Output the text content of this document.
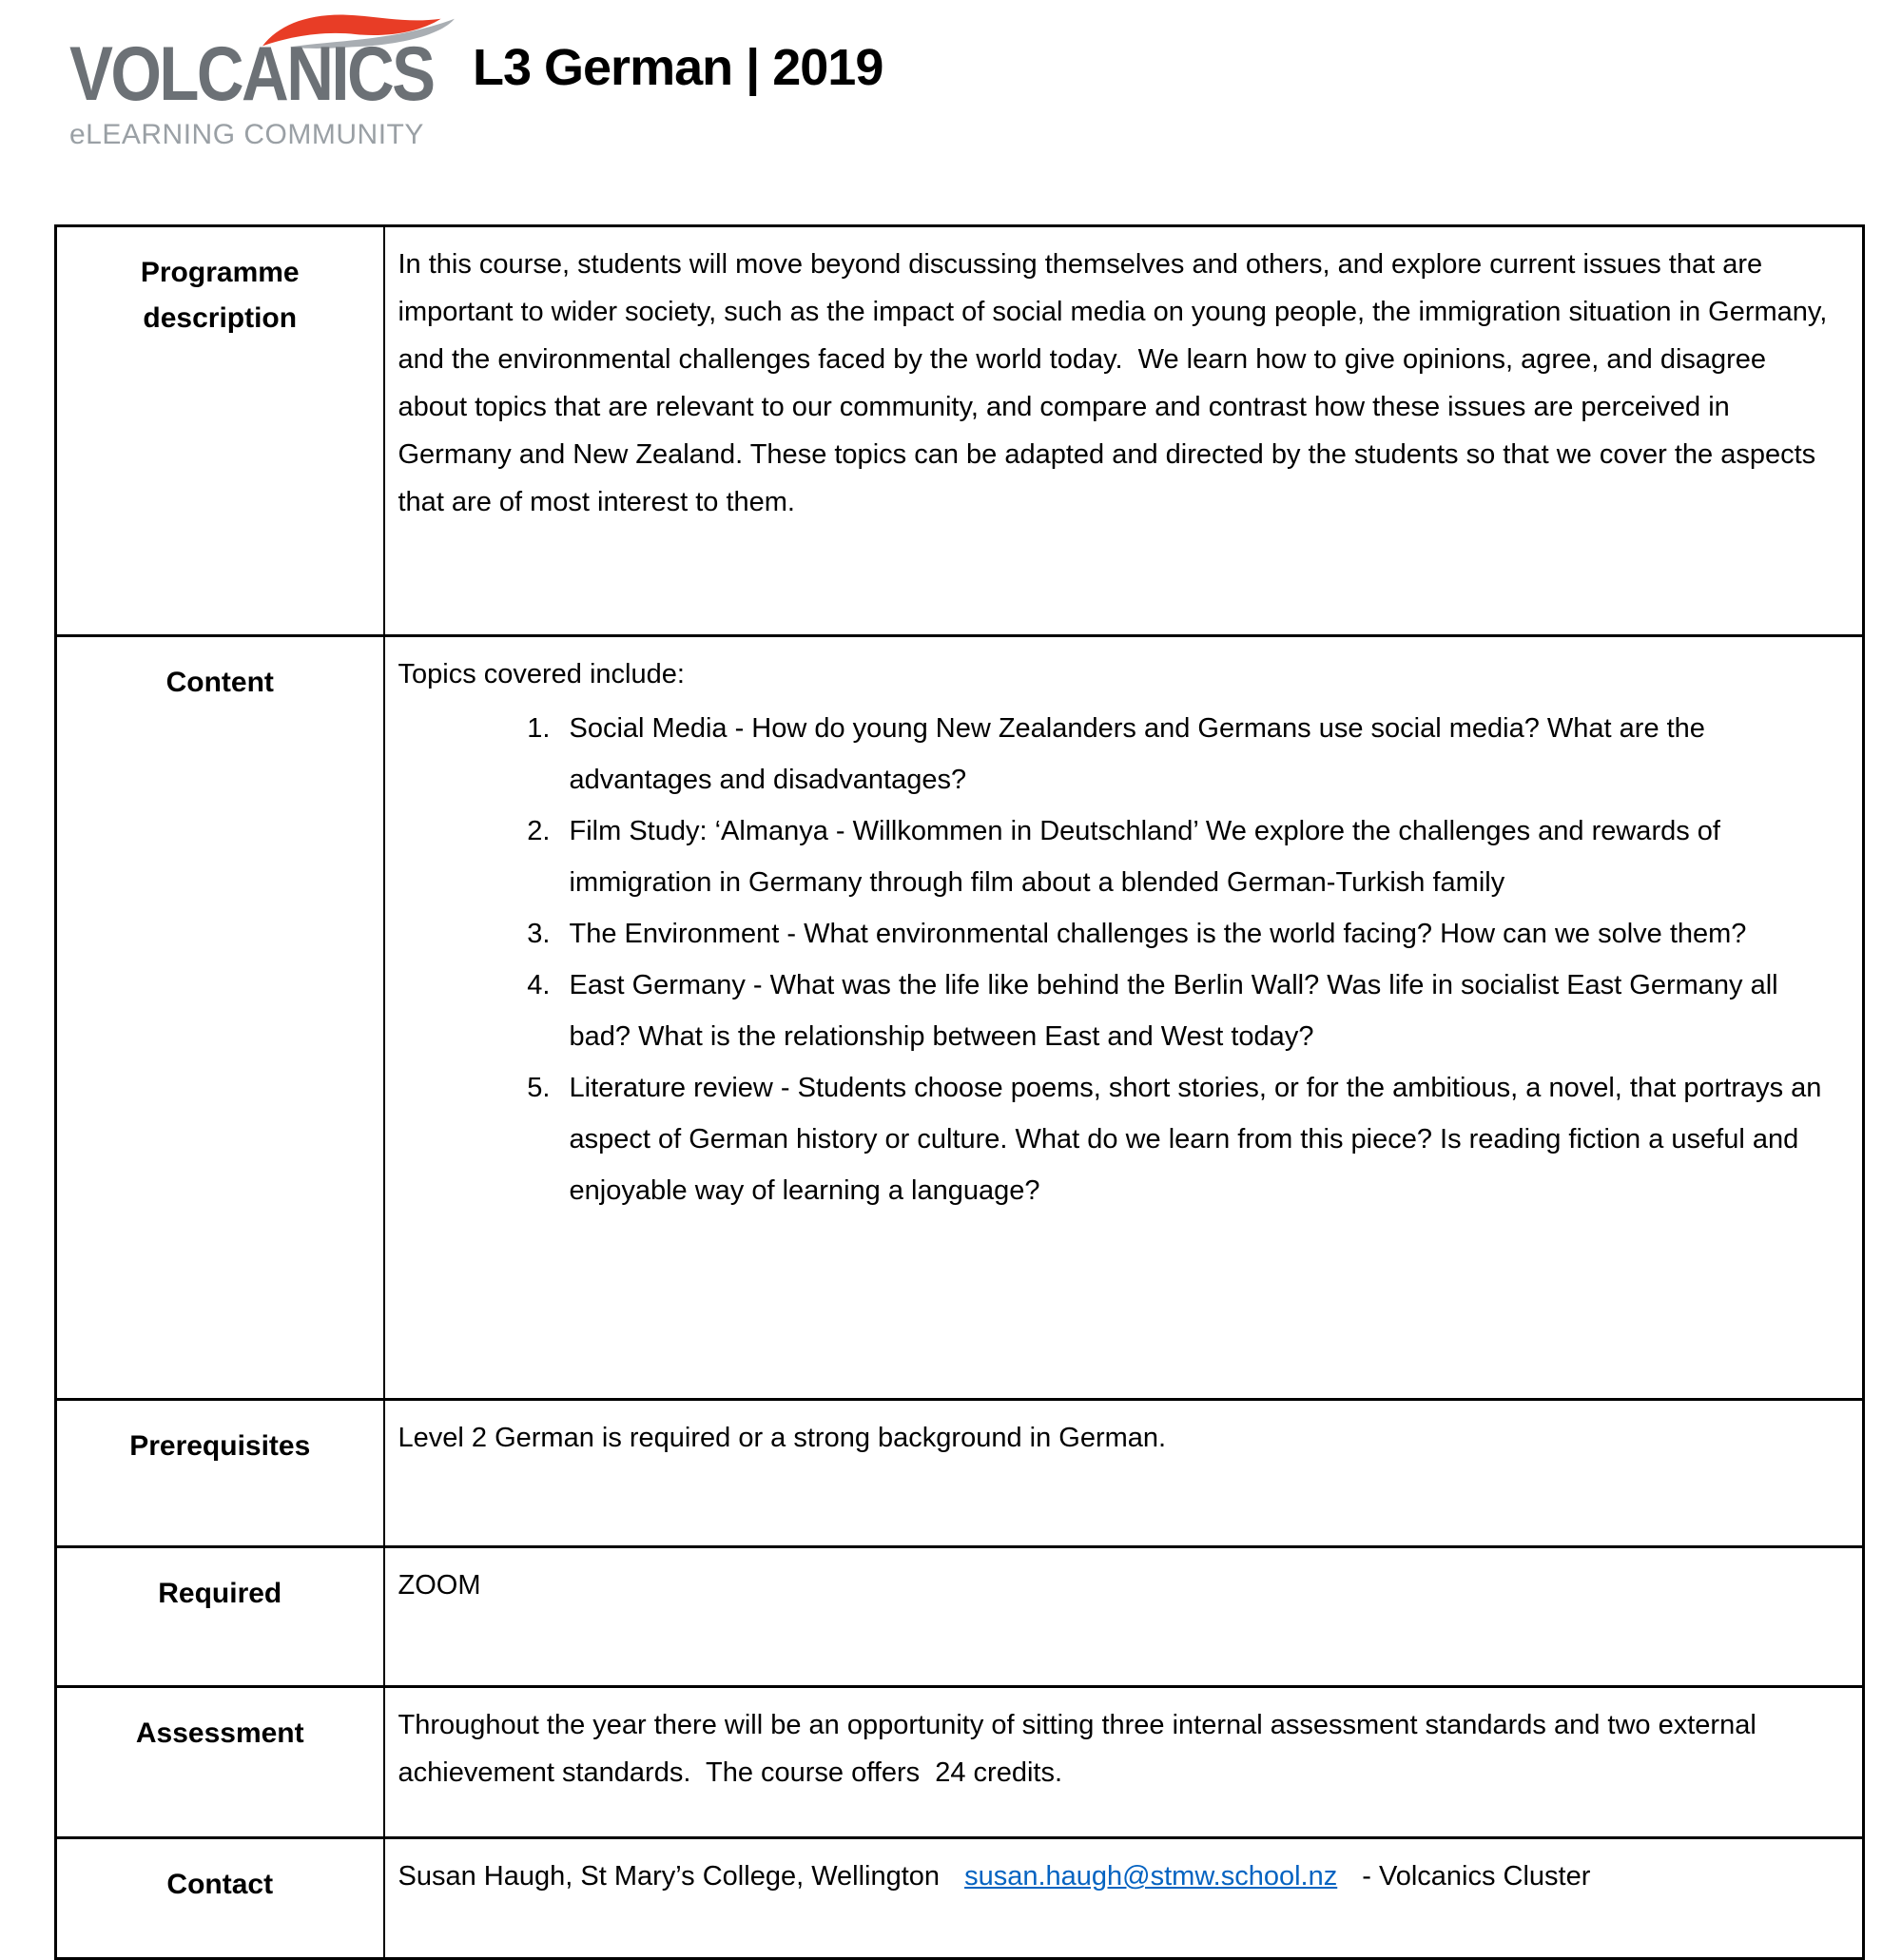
VOLCANICS
eLEARNING COMMUNITY
L3 German | 2019
Programme description	In this course, students will move beyond discussing themselves and others, and explore current issues that are important to wider society, such as the impact of social media on young people, the immigration situation in Germany, and the environmental challenges faced by the world today.  We learn how to give opinions, agree, and disagree about topics that are relevant to our community, and compare and contrast how these issues are perceived in Germany and New Zealand. These topics can be adapted and directed by the students so that we cover the aspects that are of most interest to them.

Content	Topics covered include:

1. Social Media - How do young New Zealanders and Germans use social media? What are the advantages and disadvantages?
2. Film Study: ‘Almanya - Willkommen in Deutschland’ We explore the challenges and rewards of immigration in Germany through film about a blended German-Turkish family
3. The Environment - What environmental challenges is the world facing? How can we solve them?
4. East Germany - What was the life like behind the Berlin Wall? Was life in socialist East Germany all bad? What is the relationship between East and West today?
5. Literature review - Students choose poems, short stories, or for the ambitious, a novel, that portrays an aspect of German history or culture. What do we learn from this piece? Is reading fiction a useful and enjoyable way of learning a language?

Prerequisites	Level 2 German is required or a strong background in German.

Required	ZOOM

Assessment	Throughout the year there will be an opportunity of sitting three internal assessment standards and two external achievement standards.  The course offers  24 credits.

Contact	Susan Haugh, St Mary’s College, Wellington susan.haugh@stmw.school.nz - Volcanics Cluster
